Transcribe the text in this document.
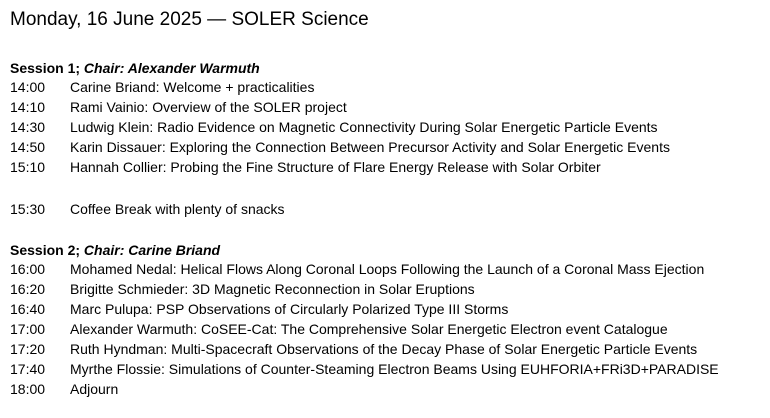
Monday, 16 June 2025 — SOLER Science
Session 1; Chair: Alexander Warmuth
14:00 Carine Briand: Welcome + practicalities
14:10 Rami Vainio: Overview of the SOLER project
14:30 Ludwig Klein: Radio Evidence on Magnetic Connectivity During Solar Energetic Particle Events
14:50 Karin Dissauer: Exploring the Connection Between Precursor Activity and Solar Energetic Events
15:10 Hannah Collier: Probing the Fine Structure of Flare Energy Release with Solar Orbiter
15:30 Coffee Break with plenty of snacks
Session 2; Chair: Carine Briand
16:00 Mohamed Nedal: Helical Flows Along Coronal Loops Following the Launch of a Coronal Mass Ejection
16:20 Brigitte Schmieder: 3D Magnetic Reconnection in Solar Eruptions
16:40 Marc Pulupa: PSP Observations of Circularly Polarized Type III Storms
17:00 Alexander Warmuth: CoSEE-Cat: The Comprehensive Solar Energetic Electron event Catalogue
17:20 Ruth Hyndman: Multi-Spacecraft Observations of the Decay Phase of Solar Energetic Particle Events
17:40 Myrthe Flossie: Simulations of Counter-Steaming Electron Beams Using EUHFORIA+FRi3D+PARADISE
18:00 Adjourn
